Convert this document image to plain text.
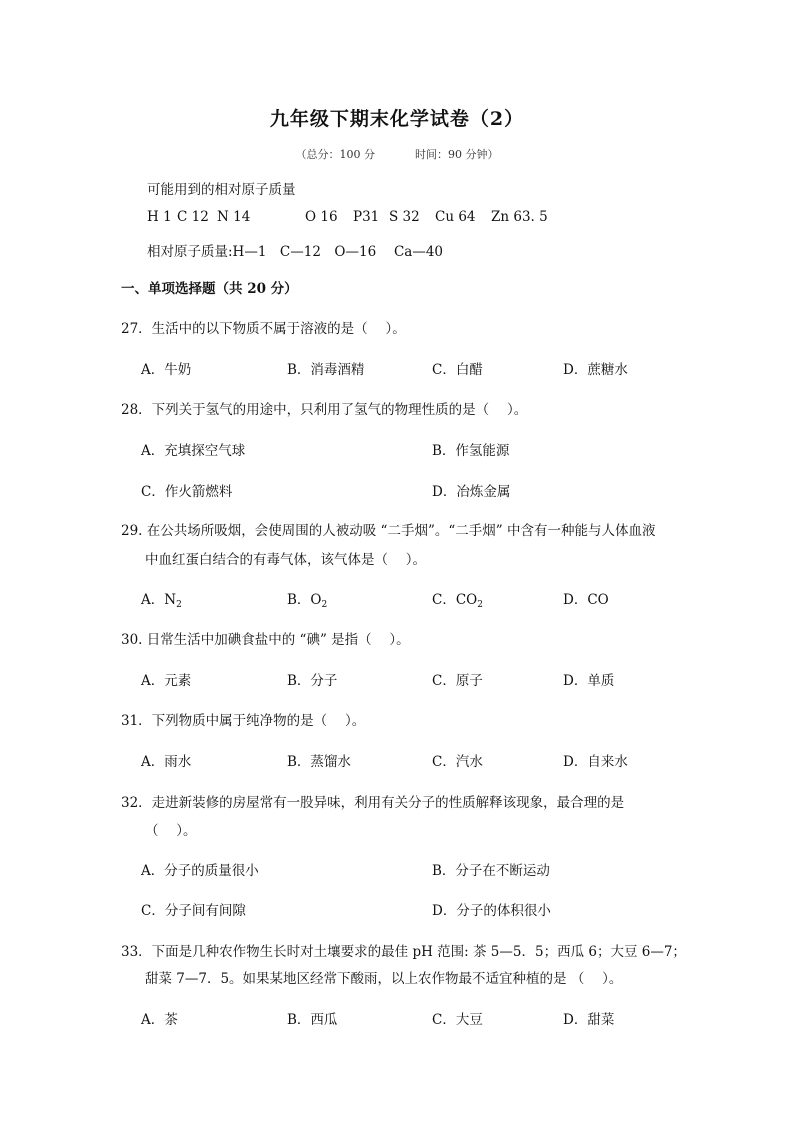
九年级下期末化学试卷（2）
（总分：100 分	时间：90 分钟）
可能用到的相对原子质量
H 1 C 12 N 14	O 16 P31 S 32 Cu 64 Zn 63. 5
相对原子质量:H—1　C—12　O—16　 Ca—40
一、单项选择题（共 20 分）
27．生活中的以下物质不属于溶液的是（　 ）。
A．牛奶	B．消毒酒精	C．白醋	D．蔗糖水
28．下列关于氢气的用途中，只利用了氢气的物理性质的是（　 ）。
A．充填探空气球	B．作氢能源
C．作火箭燃料	D．冶炼金属
29. 在公共场所吸烟，会使周围的人被动吸 “二手烟”。“二手烟” 中含有一种能与人体血液
中血红蛋白结合的有毒气体，该气体是（　 ）。
A．$N_2$	B．$O_2$	C．$CO_2$	D．CO
30. 日常生活中加碘食盐中的 “碘” 是指（　 ）。
A．元素	B．分子	C．原子	D．单质
31．下列物质中属于纯净物的是（　 ）。
A．雨水	B．蒸馏水	C．汽水	D．自来水
32．走进新装修的房屋常有一股异味，利用有关分子的性质解释该现象，最合理的是
（　 ）。
A．分子的质量很小	B．分子在不断运动
C．分子间有间隙	D．分子的体积很小
33．下面是几种农作物生长时对土壤要求的最佳 pH 范围: 茶 5—5．5；西瓜 6；大豆 6—7；
甜菜 7—7．5。如果某地区经常下酸雨，以上农作物最不适宜种植的是 （　 ）。
A．茶	B．西瓜	C．大豆	D．甜菜
